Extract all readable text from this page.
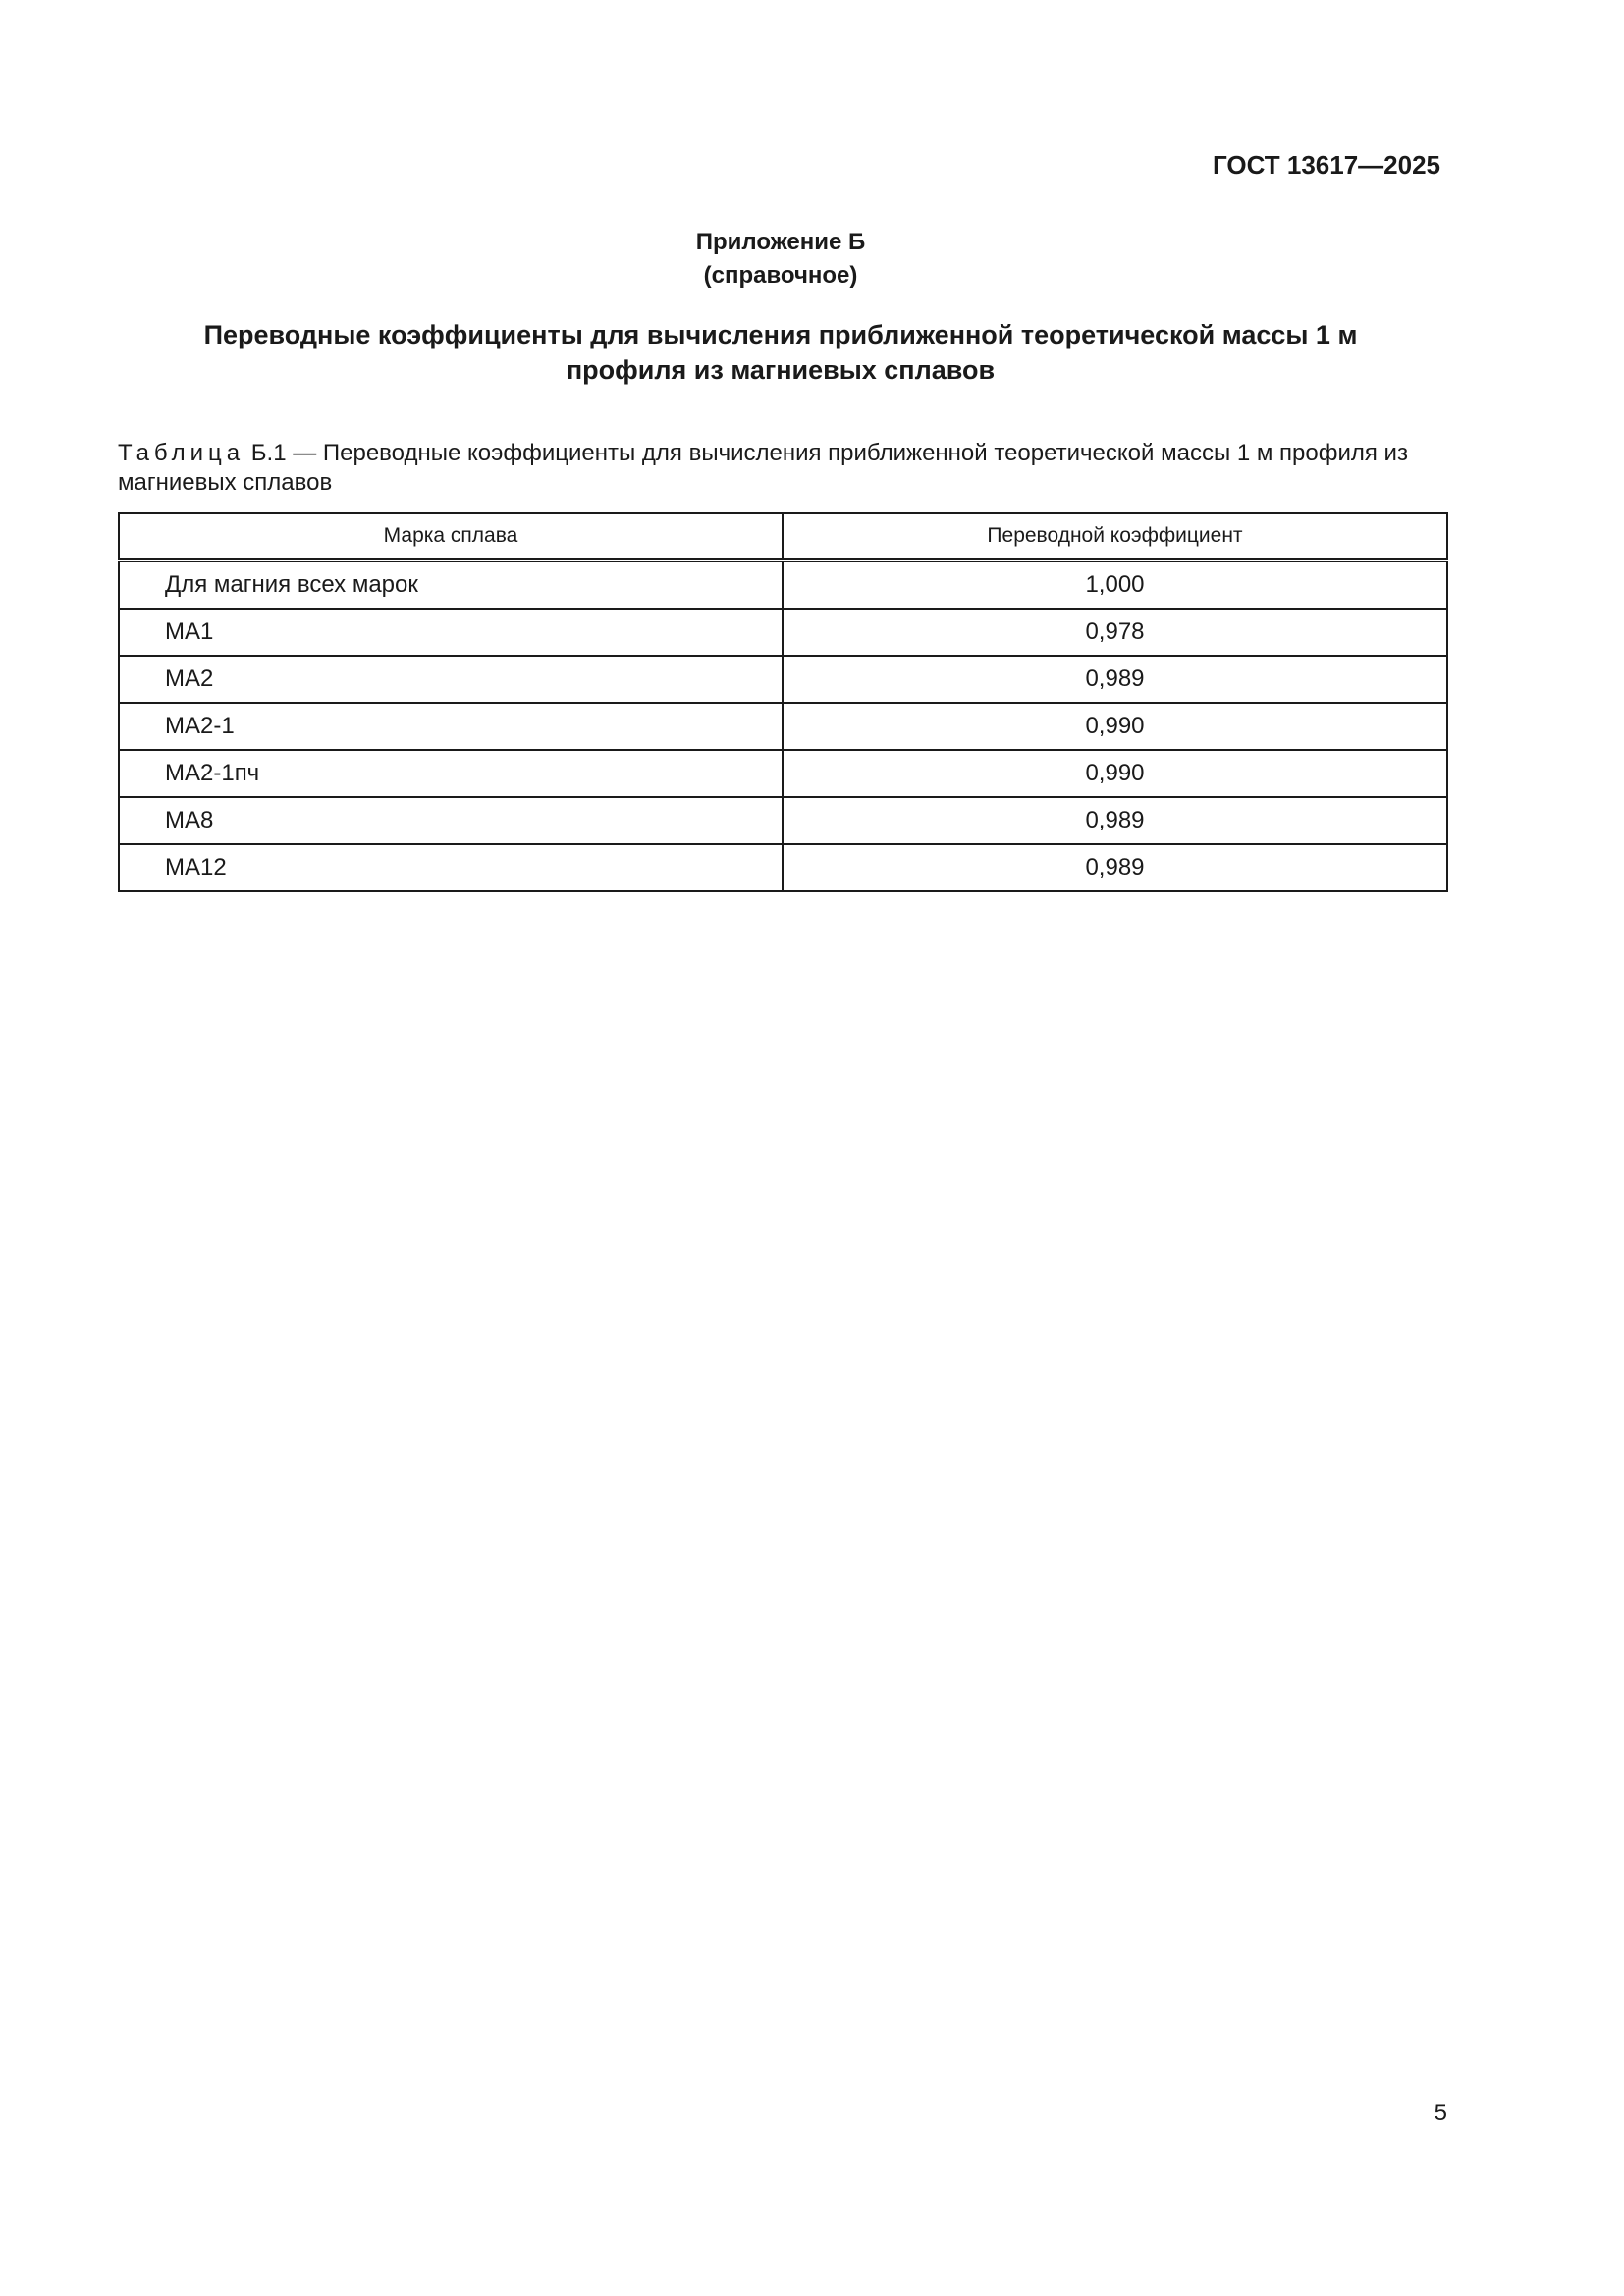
ГОСТ 13617—2025
Приложение Б
(справочное)
Переводные коэффициенты для вычисления приближенной теоретической массы 1 м профиля из магниевых сплавов
Таблица Б.1 — Переводные коэффициенты для вычисления приближенной теоретической массы 1 м профиля из магниевых сплавов
Марка сплава	Переводной коэффициент
Для магния всех марок	1,000
МА1	0,978
МА2	0,989
МА2-1	0,990
МА2-1пч	0,990
МА8	0,989
МА12	0,989
5
